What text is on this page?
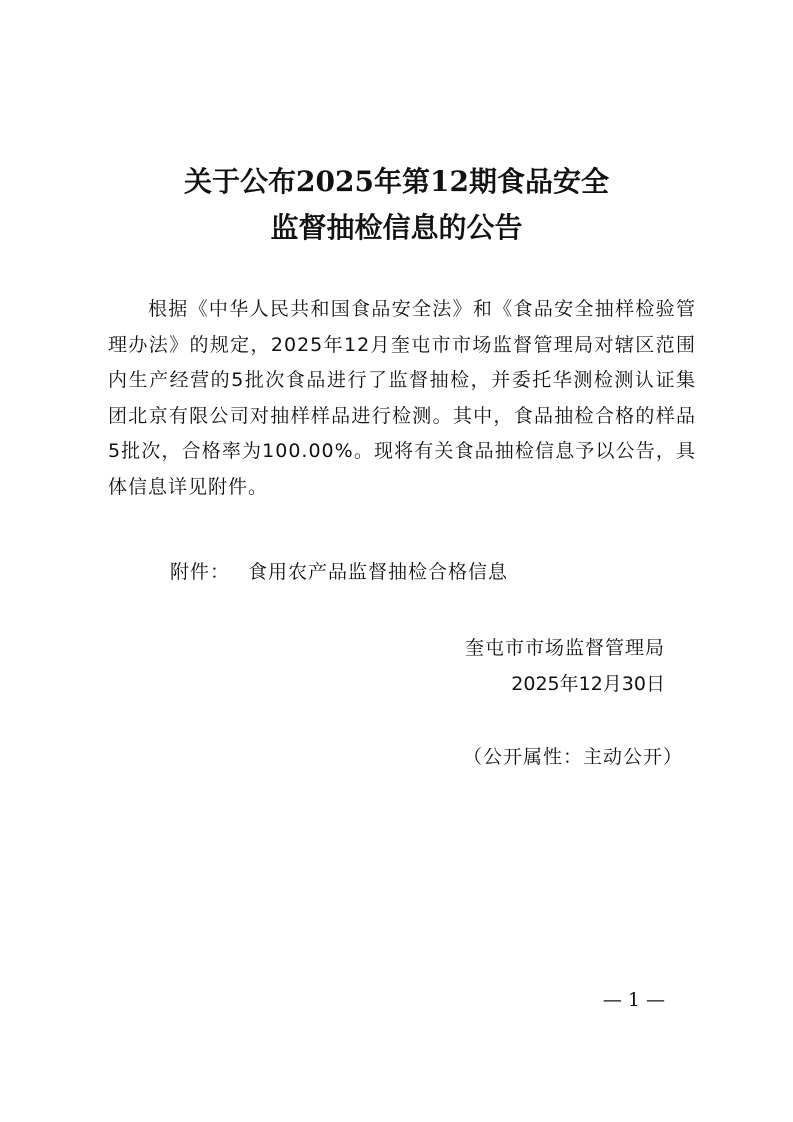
关于公布2025年第12期食品安全
监督抽检信息的公告

根据《中华人民共和国食品安全法》和《食品安全抽样检验管理办法》的规定，2025年12月奎屯市市场监督管理局对辖区范围内生产经营的5批次食品进行了监督抽检，并委托华测检测认证集团北京有限公司对抽样样品进行检测。其中，食品抽检合格的样品5批次，合格率为100.00%。现将有关食品抽检信息予以公告，具体信息详见附件。

附件： 食用农产品监督抽检合格信息
奎屯市市场监督管理局
2025年12月30日
（公开属性：主动公开）
— 1 —
